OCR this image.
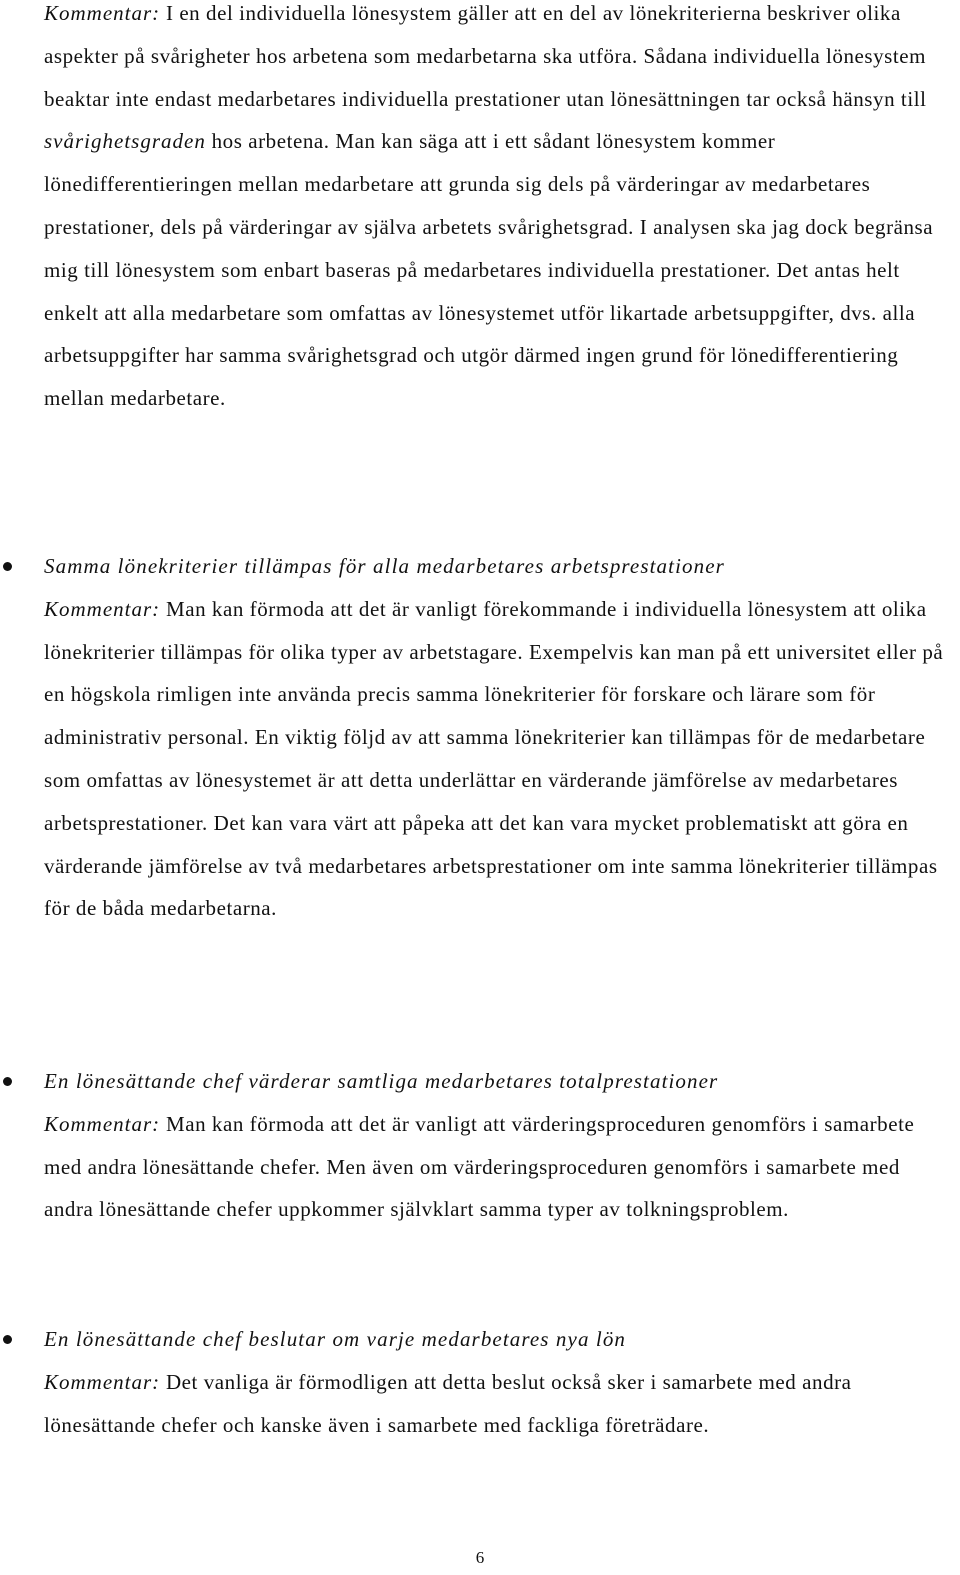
Kommentar: I en del individuella lönesystem gäller att en del av lönekriterierna beskriver olika aspekter på svårigheter hos arbetena som medarbetarna ska utföra. Sådana individuella lönesystem beaktar inte endast medarbetares individuella prestationer utan lönesättningen tar också hänsyn till svårighetsgraden hos arbetena. Man kan säga att i ett sådant lönesystem kommer lönedifferentieringen mellan medarbetare att grunda sig dels på värderingar av medarbetares prestationer, dels på värderingar av själva arbetets svårighetsgrad. I analysen ska jag dock begränsa mig till lönesystem som enbart baseras på medarbetares individuella prestationer. Det antas helt enkelt att alla medarbetare som omfattas av lönesystemet utför likartade arbetsuppgifter, dvs. alla arbetsuppgifter har samma svårighetsgrad och utgör därmed ingen grund för lönedifferentiering mellan medarbetare.
Samma lönekriterier tillämpas för alla medarbetares arbetsprestationer
Kommentar: Man kan förmoda att det är vanligt förekommande i individuella lönesystem att olika lönekriterier tillämpas för olika typer av arbetstagare. Exempelvis kan man på ett universitet eller på en högskola rimligen inte använda precis samma lönekriterier för forskare och lärare som för administrativ personal. En viktig följd av att samma lönekriterier kan tillämpas för de medarbetare som omfattas av lönesystemet är att detta underlättar en värderande jämförelse av medarbetares arbetsprestationer. Det kan vara värt att påpeka att det kan vara mycket problematiskt att göra en värderande jämförelse av två medarbetares arbetsprestationer om inte samma lönekriterier tillämpas för de båda medarbetarna.
En lönesättande chef värderar samtliga medarbetares totalprestationer
Kommentar: Man kan förmoda att det är vanligt att värderingsproceduren genomförs i samarbete med andra lönesättande chefer. Men även om värderingsproceduren genomförs i samarbete med andra lönesättande chefer uppkommer självklart samma typer av tolkningsproblem.
En lönesättande chef beslutar om varje medarbetares nya lön
Kommentar: Det vanliga är förmodligen att detta beslut också sker i samarbete med andra lönesättande chefer och kanske även i samarbete med fackliga företrädare.
6
